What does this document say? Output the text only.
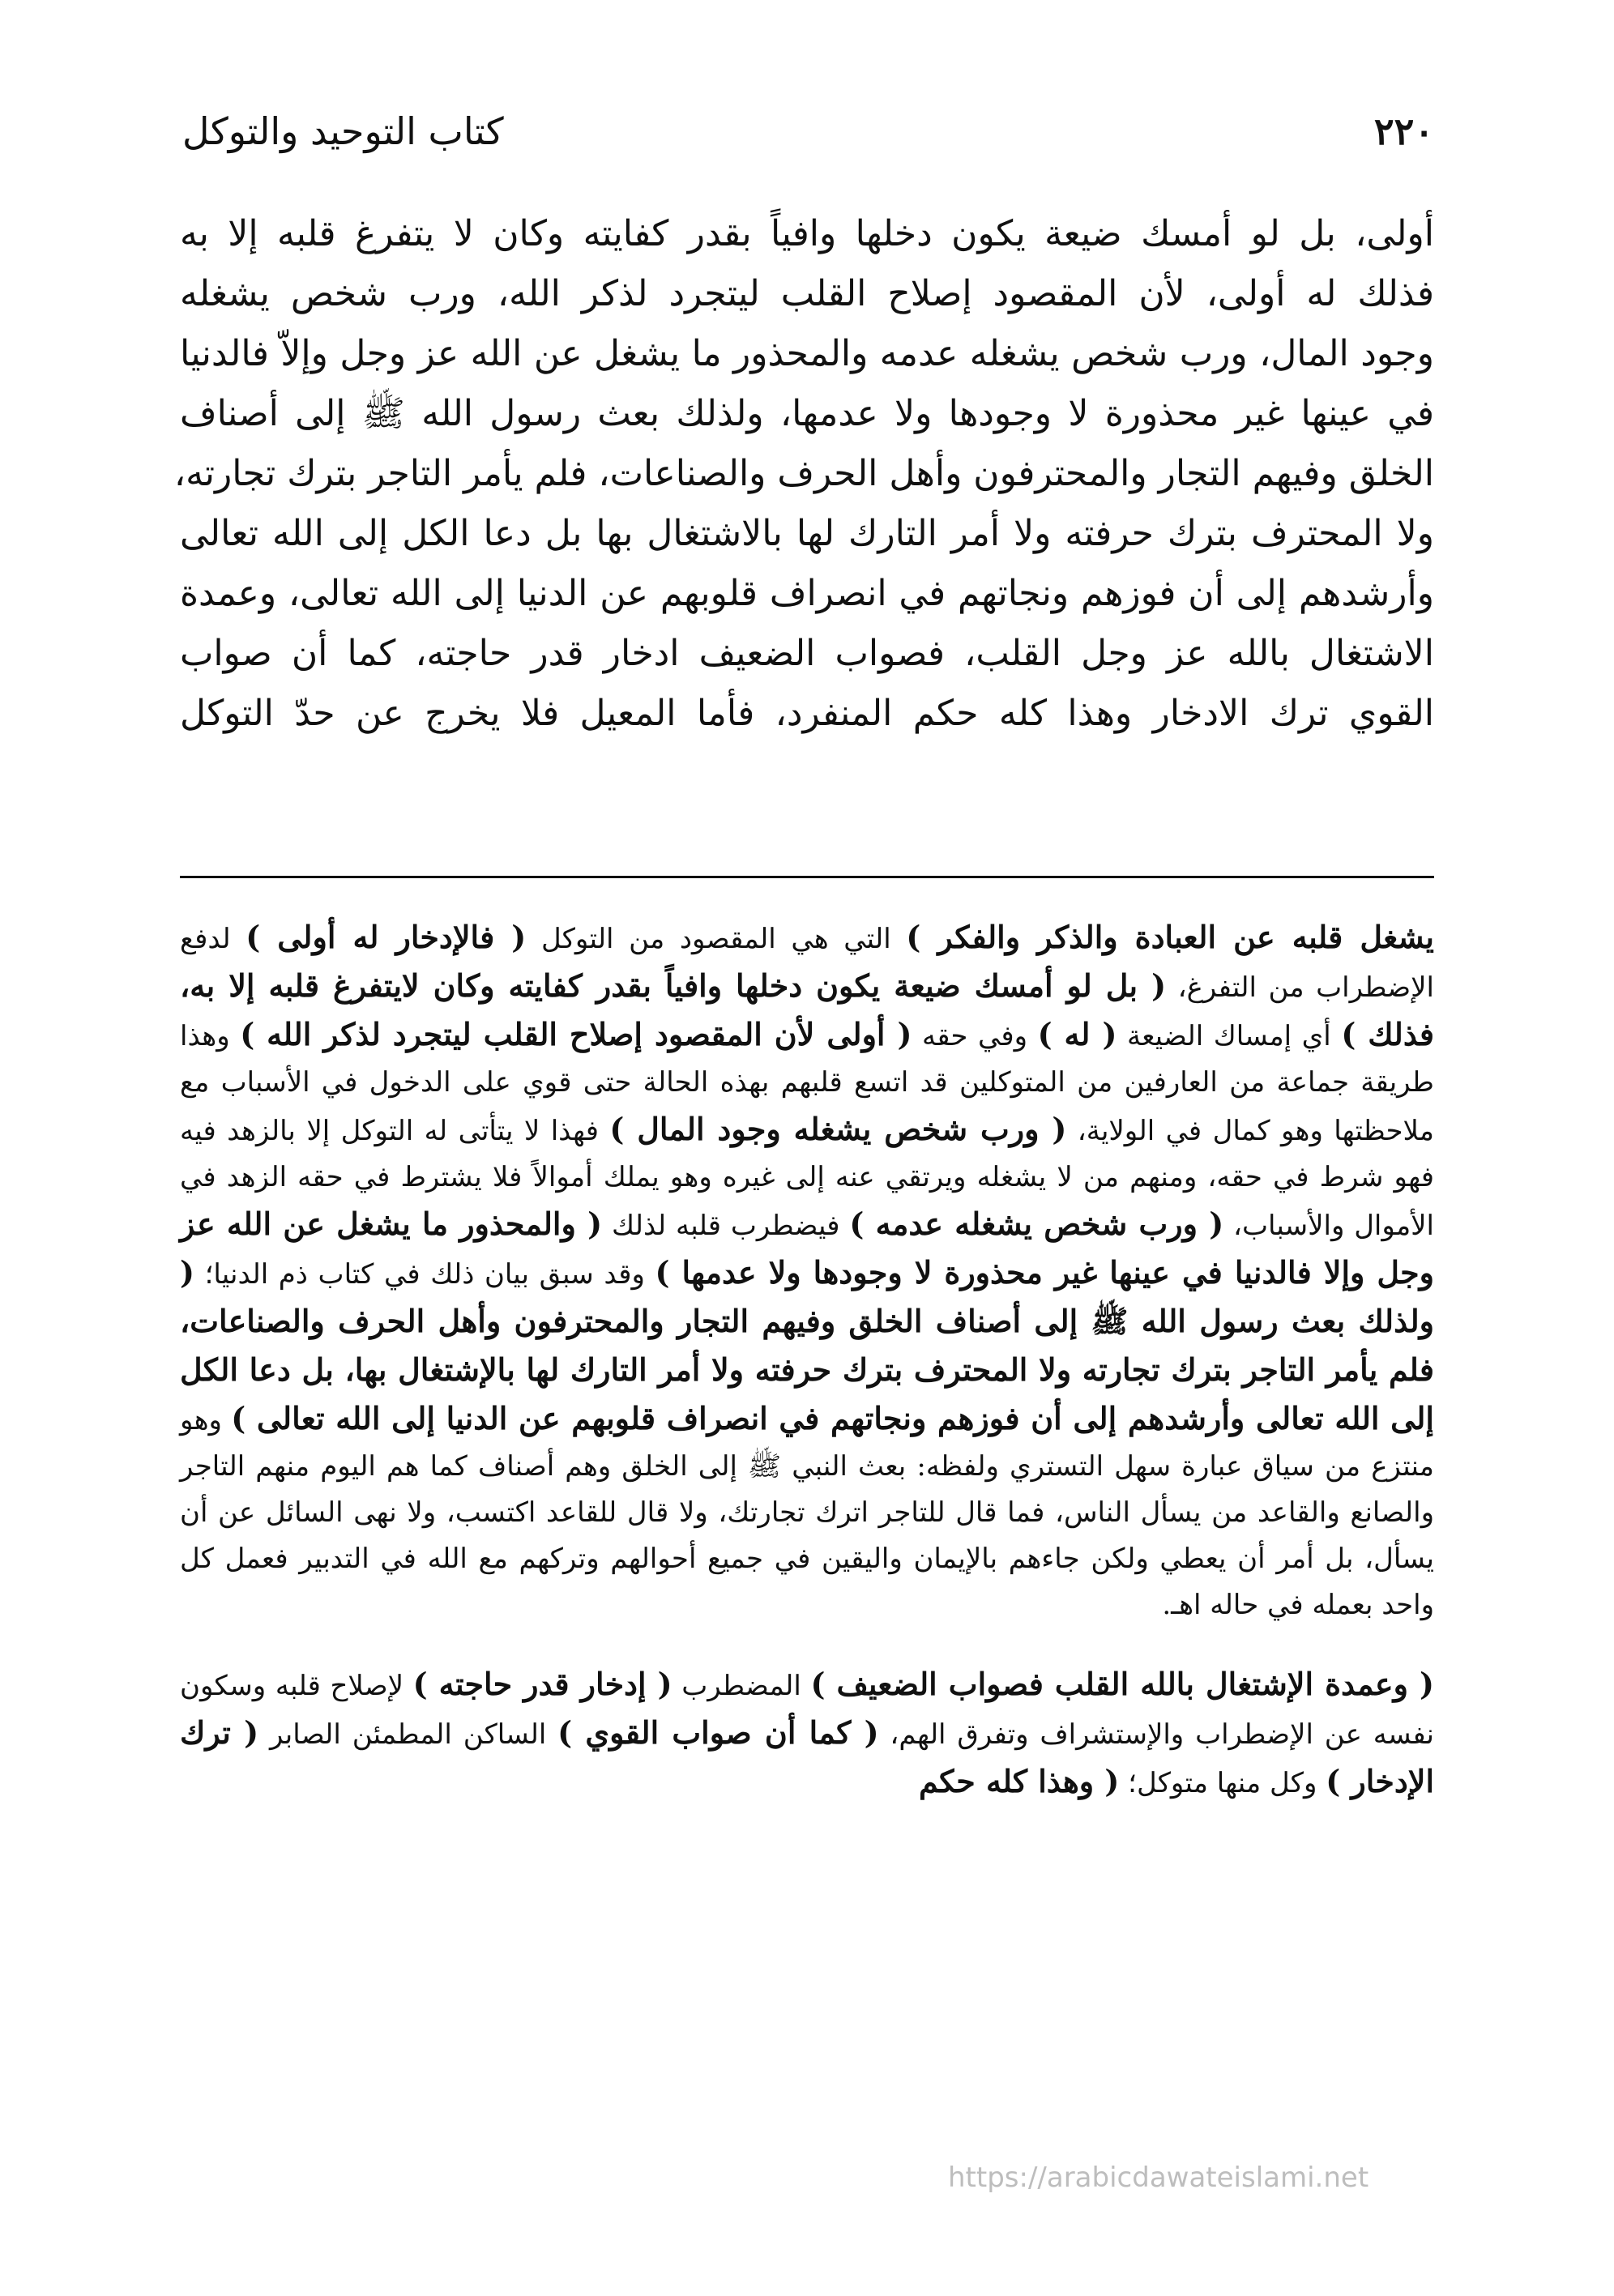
٢٢٠
كتاب التوحيد والتوكل
أولى، بل لو أمسك ضيعة يكون دخلها وافياً بقدر كفايته وكان لا يتفرغ قلبه إلا به
فذلك له أولى، لأن المقصود إصلاح القلب ليتجرد لذكر الله، ورب شخص يشغله
وجود المال، ورب شخص يشغله عدمه والمحذور ما يشغل عن الله عز وجل وإلاّ فالدنيا
في عينها غير محذورة لا وجودها ولا عدمها، ولذلك بعث رسول الله ﷺ إلى أصناف
الخلق وفيهم التجار والمحترفون وأهل الحرف والصناعات، فلم يأمر التاجر بترك تجارته،
ولا المحترف بترك حرفته ولا أمر التارك لها بالاشتغال بها بل دعا الكل إلى الله تعالى
وأرشدهم إلى أن فوزهم ونجاتهم في انصراف قلوبهم عن الدنيا إلى الله تعالى، وعمدة
الاشتغال بالله عز وجل القلب، فصواب الضعيف ادخار قدر حاجته، كما أن صواب
القوي ترك الادخار وهذا كله حكم المنفرد، فأما المعيل فلا يخرج عن حدّ التوكل

يشغل قلبه عن العبادة والذكر والفكر ) التي هي المقصود من التوكل ( فالإدخار له أولى ) لدفع الإضطراب من التفرغ، ( بل لو أمسك ضيعة يكون دخلها وافياً بقدر كفايته وكان لايتفرغ قلبه إلا به، فذلك ) أي إمساك الضيعة ( له ) وفي حقه ( أولى لأن المقصود إصلاح القلب ليتجرد لذكر الله ) وهذا طريقة جماعة من العارفين من المتوكلين قد اتسع قلبهم بهذه الحالة حتى قوي على الدخول في الأسباب مع ملاحظتها وهو كمال في الولاية، ( ورب شخص يشغله وجود المال ) فهذا لا يتأتى له التوكل إلا بالزهد فيه فهو شرط في حقه، ومنهم من لا يشغله ويرتقي عنه إلى غيره وهو يملك أموالاً فلا يشترط في حقه الزهد في الأموال والأسباب، ( ورب شخص يشغله عدمه ) فيضطرب قلبه لذلك ( والمحذور ما يشغل عن الله عز وجل وإلا فالدنيا في عينها غير محذورة لا وجودها ولا عدمها ) وقد سبق بيان ذلك في كتاب ذم الدنيا؛ ( ولذلك بعث رسول الله ﷺ إلى أصناف الخلق وفيهم التجار والمحترفون وأهل الحرف والصناعات، فلم يأمر التاجر بترك تجارته ولا المحترف بترك حرفته ولا أمر التارك لها بالإشتغال بها، بل دعا الكل إلى الله تعالى وأرشدهم إلى أن فوزهم ونجاتهم في انصراف قلوبهم عن الدنيا إلى الله تعالى ) وهو منتزع من سياق عبارة سهل التستري ولفظه: بعث النبي ﷺ إلى الخلق وهم أصناف كما هم اليوم منهم التاجر والصانع والقاعد من يسأل الناس، فما قال للتاجر اترك تجارتك، ولا قال للقاعد اكتسب، ولا نهى السائل عن أن يسأل، بل أمر أن يعطي ولكن جاءهم بالإيمان واليقين في جميع أحوالهم وتركهم مع الله في التدبير فعمل كل واحد بعمله في حاله اهـ.

( وعمدة الإشتغال بالله القلب فصواب الضعيف ) المضطرب ( إدخار قدر حاجته ) لإصلاح قلبه وسكون نفسه عن الإضطراب والإستشراف وتفرق الهم، ( كما أن صواب القوي ) الساكن المطمئن الصابر ( ترك الإدخار ) وكل منها متوكل؛ ( وهذا كله حكم

https://arabicdawateislami.net
